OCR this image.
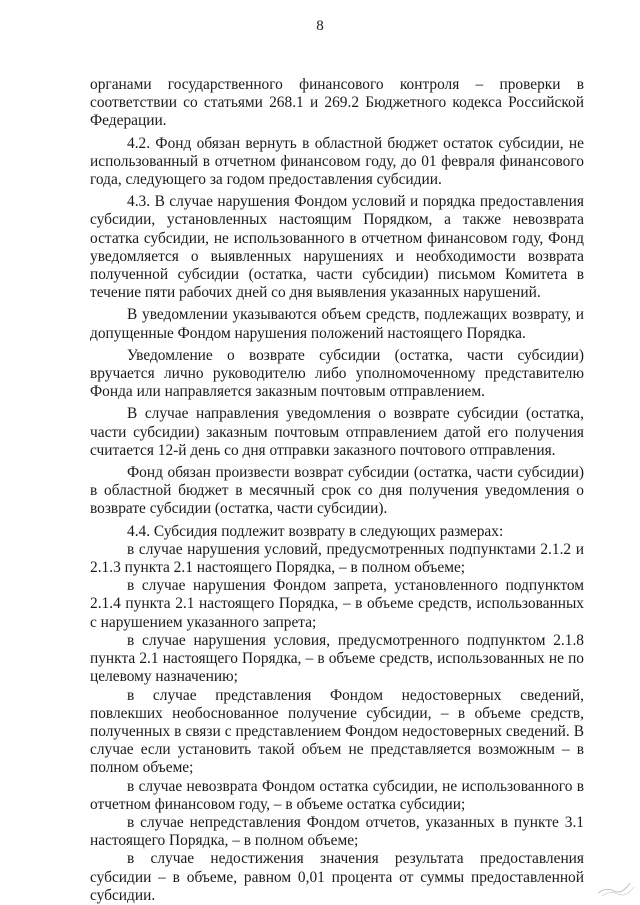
8

органами государственного финансового контроля – проверки в соответствии со статьями 268.1 и 269.2 Бюджетного кодекса Российской Федерации.

4.2. Фонд обязан вернуть в областной бюджет остаток субсидии, не использованный в отчетном финансовом году, до 01 февраля финансового года, следующего за годом предоставления субсидии.

4.3. В случае нарушения Фондом условий и порядка предоставления субсидии, установленных настоящим Порядком, а также невозврата остатка субсидии, не использованного в отчетном финансовом году, Фонд уведомляется о выявленных нарушениях и необходимости возврата полученной субсидии (остатка, части субсидии) письмом Комитета в течение пяти рабочих дней со дня выявления указанных нарушений.

В уведомлении указываются объем средств, подлежащих возврату, и допущенные Фондом нарушения положений настоящего Порядка.

Уведомление о возврате субсидии (остатка, части субсидии) вручается лично руководителю либо уполномоченному представителю Фонда или направляется заказным почтовым отправлением.

В случае направления уведомления о возврате субсидии (остатка, части субсидии) заказным почтовым отправлением датой его получения считается 12-й день со дня отправки заказного почтового отправления.

Фонд обязан произвести возврат субсидии (остатка, части субсидии) в областной бюджет в месячный срок со дня получения уведомления о возврате субсидии (остатка, части субсидии).

4.4. Субсидия подлежит возврату в следующих размерах:

в случае нарушения условий, предусмотренных подпунктами 2.1.2 и 2.1.3 пункта 2.1 настоящего Порядка, – в полном объеме;

в случае нарушения Фондом запрета, установленного подпунктом 2.1.4 пункта 2.1 настоящего Порядка, – в объеме средств, использованных с нарушением указанного запрета;

в случае нарушения условия, предусмотренного подпунктом 2.1.8 пункта 2.1 настоящего Порядка, – в объеме средств, использованных не по целевому назначению;

в случае представления Фондом недостоверных сведений, повлекших необоснованное получение субсидии, – в объеме средств, полученных в связи с представлением Фондом недостоверных сведений. В случае если установить такой объем не представляется возможным – в полном объеме;

в случае невозврата Фондом остатка субсидии, не использованного в отчетном финансовом году, – в объеме остатка субсидии;

в случае непредставления Фондом отчетов, указанных в пункте 3.1 настоящего Порядка, – в полном объеме;

в случае недостижения значения результата предоставления субсидии – в объеме, равном 0,01 процента от суммы предоставленной субсидии.
